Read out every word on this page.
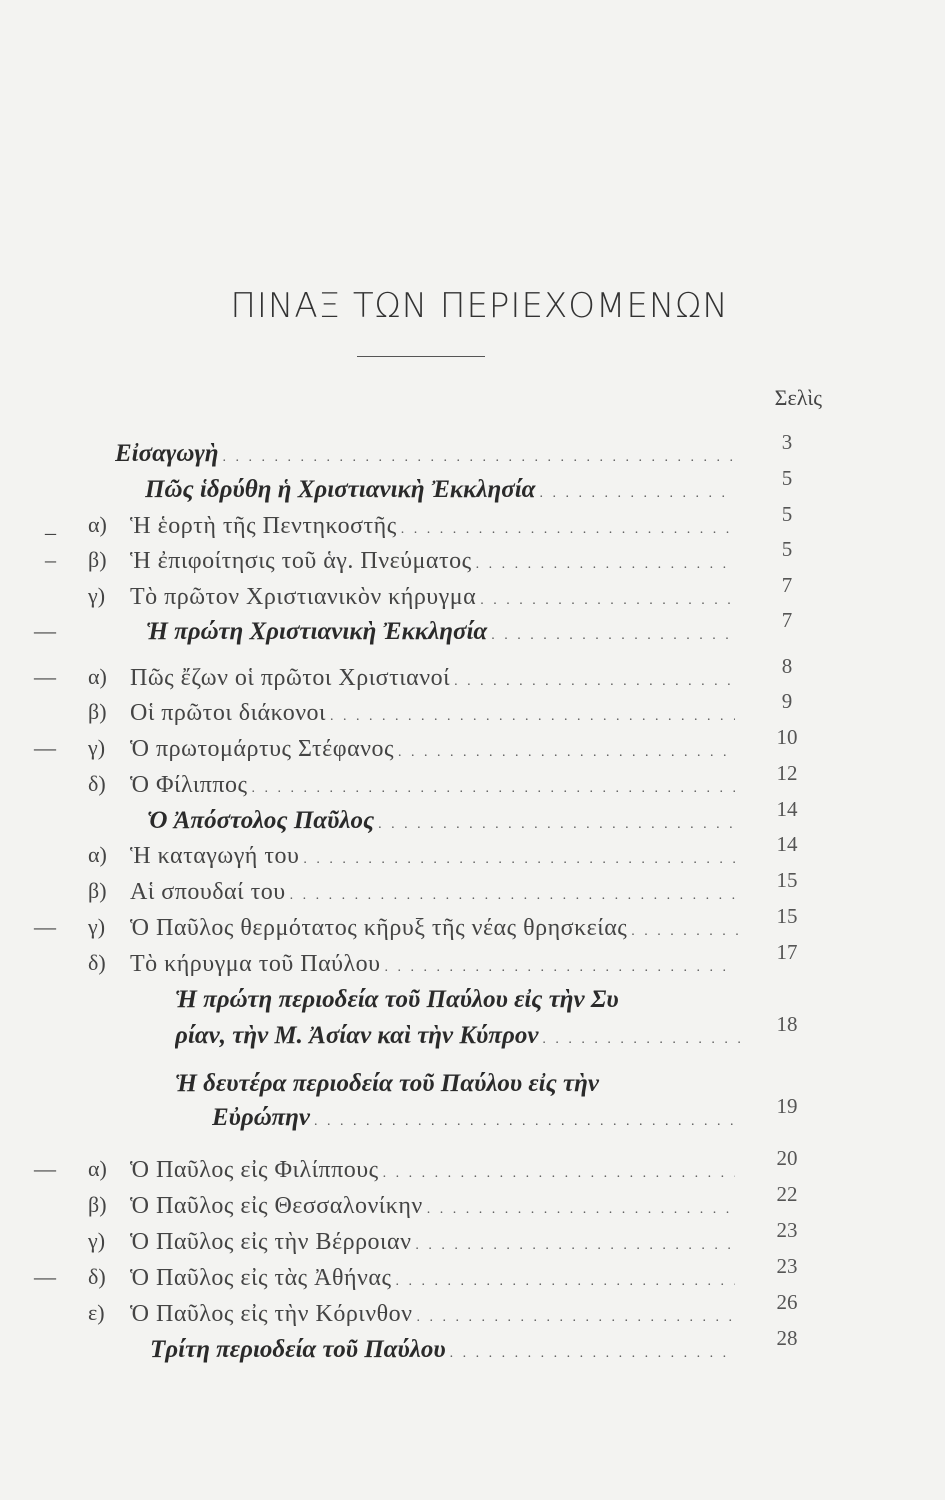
ΠΙΝΑΞ ΤΩΝ ΠΕΡΙΕΧΟΜΕΝΩΝ
Σελὶς
Εἰσαγωγὴ . . .	3
Πῶς ἱδρύθη ἡ Χριστιανικὴ Ἐκκλησία . . .	5
_ α) Ἡ ἑορτὴ τῆς Πεντηκοστῆς . . .	5
– β) Ἡ ἐπιφοίτησις τοῦ ἁγ. Πνεύματος . . .	5
γ)	Τὸ πρῶτον Χριστιανικὸν κήρυγμα . . .	7
—	Ἡ πρώτη Χριστιανικὴ Ἐκκλησία . . .	7
— α) Πῶς ἔζων οἱ πρῶτοι Χριστιανοί . . .	8
β) Οἱ πρῶτοι διάκονοι . . .	9
— γ)	Ὁ πρωτομάρτυς Στέφανος . . .	10
δ)	Ὁ Φίλιππος . . .	12
Ὁ Ἀπόστολος Παῦλος . . .	14
α) Ἡ καταγωγή του . . .	14
β) Αἱ σπουδαί του . . .	15
— γ)	Ὁ Παῦλος θερμότατος κῆρυξ τῆς νέας θρησκείας . . .	15
δ)	Τὸ κήρυγμα τοῦ Παύλου . . .	17
Ἡ πρώτη περιοδεία τοῦ Παύλου εἰς τὴν Συ
ρίαν, τὴν Μ. Ἀσίαν καὶ τὴν Κύπρον . . .	18
Ἡ δευτέρα περιοδεία τοῦ Παύλου εἰς τὴν
Εὐρώπην . . .	19
— α) Ὁ Παῦλος εἰς Φιλίππους . . .	20
β) Ὁ Παῦλος εἰς Θεσσαλονίκην . . .	22
γ)	Ὁ Παῦλος εἰς τὴν Βέρροιαν . . .	23
— δ)	Ὁ Παῦλος εἰς τὰς Ἀθήνας . . .	23
ε)	Ὁ Παῦλος εἰς τὴν Κόρινθον . . .	26
Τρίτη περιοδεία τοῦ Παύλου . . .	28
